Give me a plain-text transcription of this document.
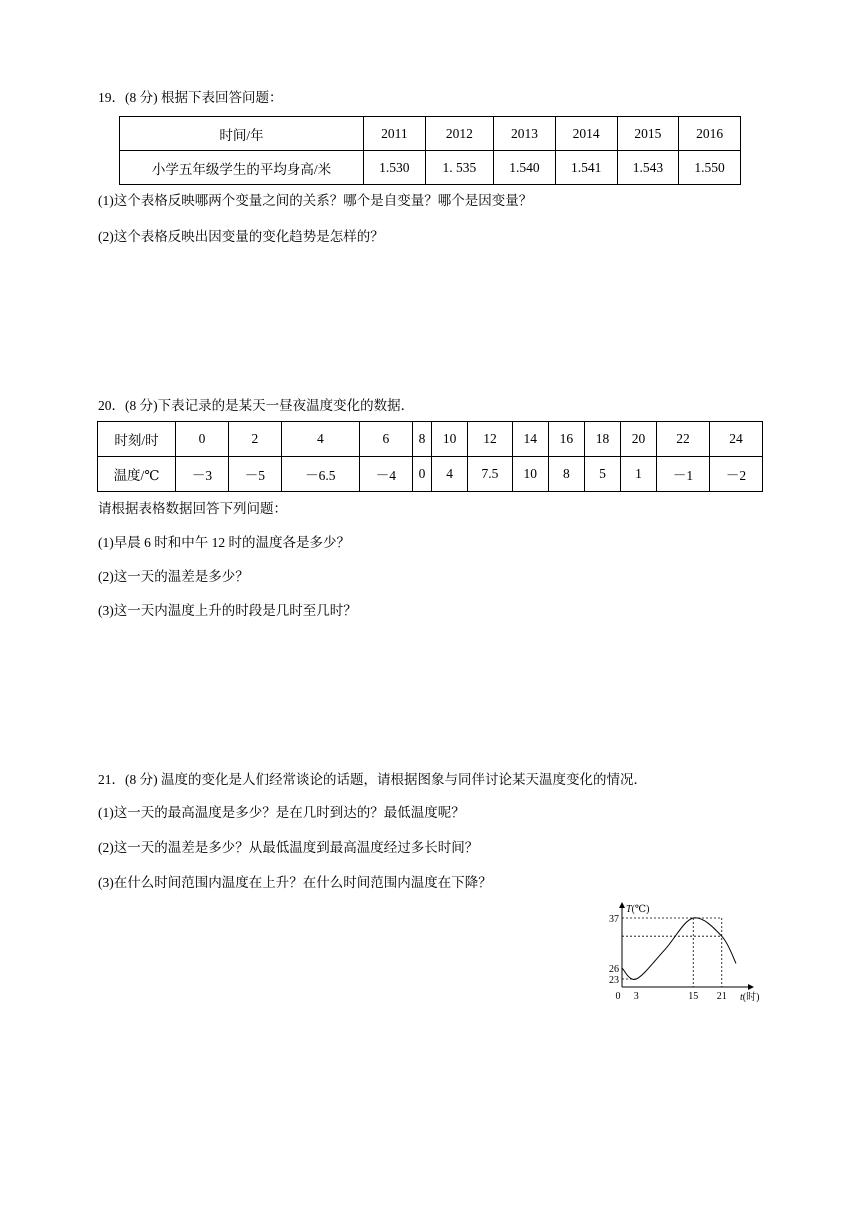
19．(8 分) 根据下表回答问题：
时间/年	2011	2012	2013	2014	2015	2016
小学五年级学生的平均身高/米	1.530	1. 535	1.540	1.541	1.543	1.550
(1)这个表格反映哪两个变量之间的关系？哪个是自变量？哪个是因变量？
(2)这个表格反映出因变量的变化趋势是怎样的？
20．(8 分)下表记录的是某天一昼夜温度变化的数据．
时刻/时	0	2	4	6	8	10	12	14	16	18	20	22	24
温度/℃	－3	－5	－6.5	－4	0	4	7.5	10	8	5	1	－1	－2
请根据表格数据回答下列问题：
(1)早晨 6 时和中午 12 时的温度各是多少？
(2)这一天的温差是多少？
(3)这一天内温度上升的时段是几时至几时？
21．(8 分) 温度的变化是人们经常谈论的话题，请根据图象与同伴讨论某天温度变化的情况．
(1)这一天的最高温度是多少？是在几时到达的？最低温度呢？
(2)这一天的温差是多少？从最低温度到最高温度经过多长时间？
(3)在什么时间范围内温度在上升？在什么时间范围内温度在下降？
23
26
37
0 3	15 21 t(时)
T(℃)
